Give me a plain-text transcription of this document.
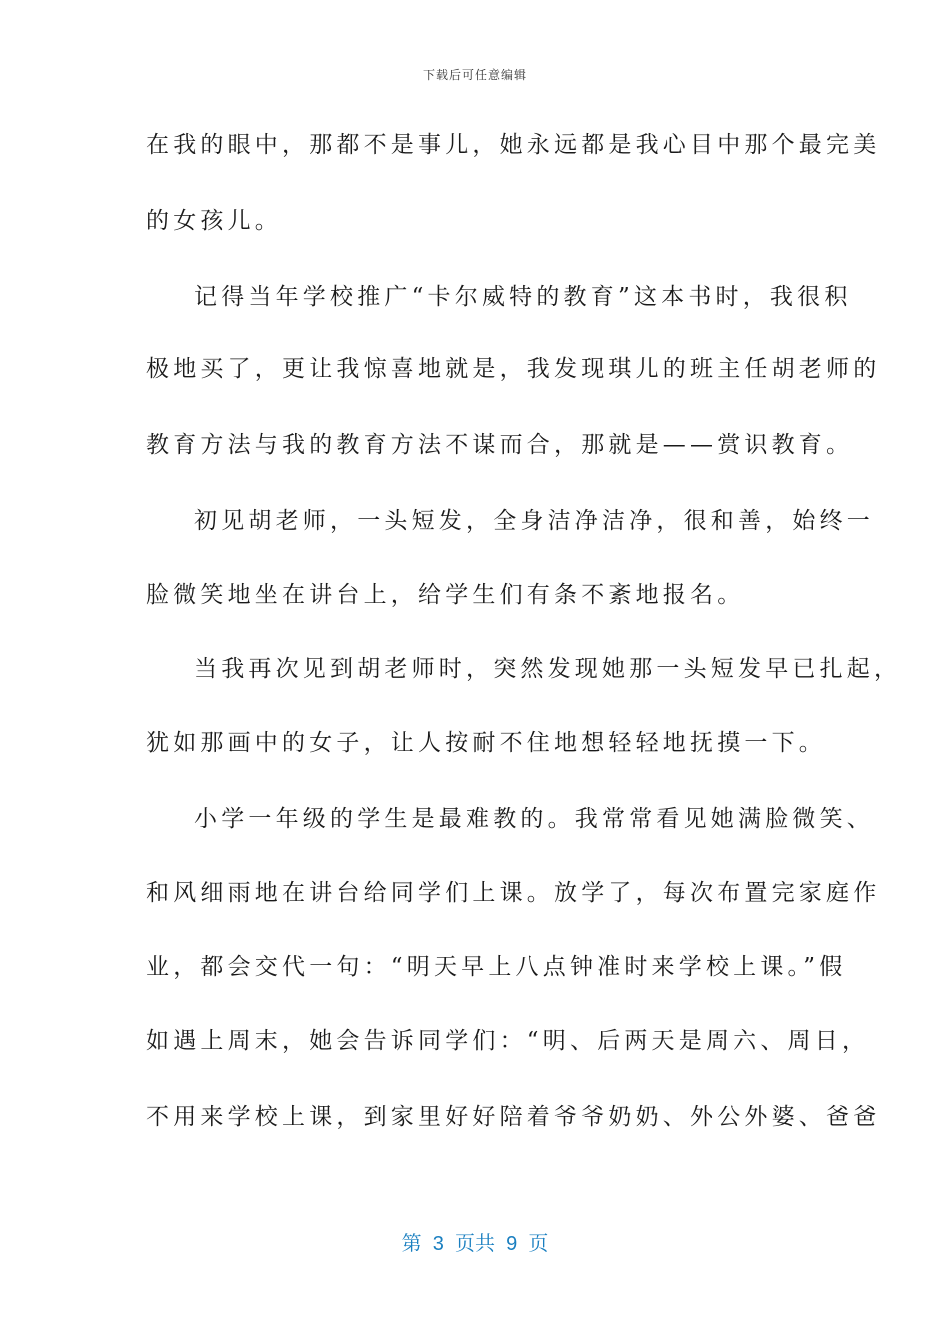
下载后可任意编辑
在我的眼中，那都不是事儿，她永远都是我心目中那个最完美
的女孩儿。
记得当年学校推广“卡尔威特的教育”这本书时，我很积
极地买了，更让我惊喜地就是，我发现琪儿的班主任胡老师的
教育方法与我的教育方法不谋而合，那就是——赏识教育。
初见胡老师，一头短发，全身洁净洁净，很和善，始终一
脸微笑地坐在讲台上，给学生们有条不紊地报名。
当我再次见到胡老师时，突然发现她那一头短发早已扎起，
犹如那画中的女子，让人按耐不住地想轻轻地抚摸一下。
小学一年级的学生是最难教的。我常常看见她满脸微笑、
和风细雨地在讲台给同学们上课。放学了，每次布置完家庭作
业，都会交代一句：“明天早上八点钟准时来学校上课。”假
如遇上周末，她会告诉同学们：“明、后两天是周六、周日，
不用来学校上课，到家里好好陪着爷爷奶奶、外公外婆、爸爸
第  3  页共  9  页
